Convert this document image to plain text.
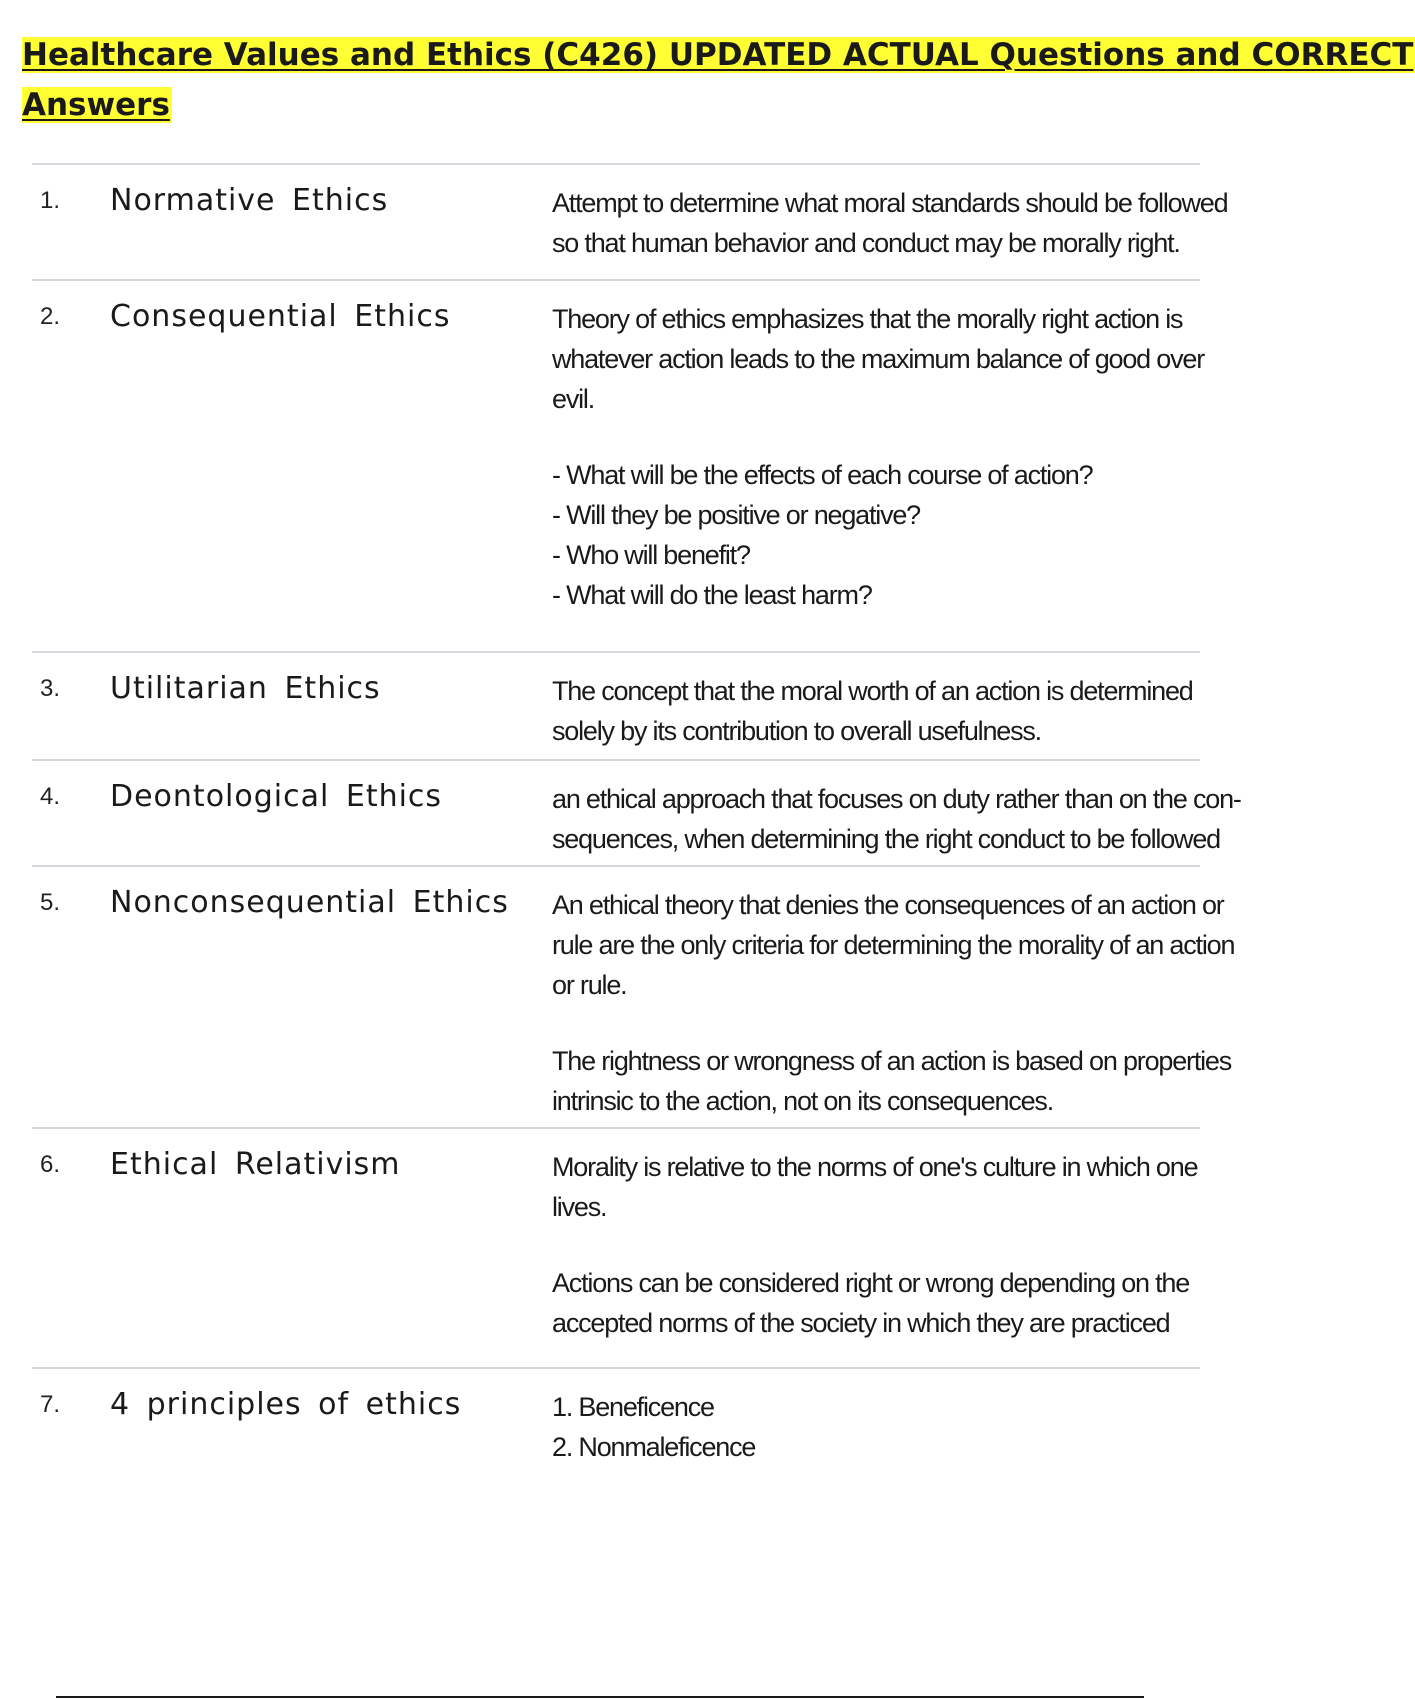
Healthcare Values and Ethics (C426) UPDATED ACTUAL Questions and CORRECT
Answers
1. Normative Ethics	Attempt to determine what moral standards should be followed

so that human behavior and conduct may be morally right.

2. Consequential Ethics	Theory of ethics emphasizes that the morally right action is

whatever action leads to the maximum balance of good over

evil.

- What will be the effects of each course of action?

- Will they be positive or negative?

- Who will benefit?

- What will do the least harm?

3. Utilitarian Ethics	The concept that the moral worth of an action is determined

solely by its contribution to overall usefulness.

4. Deontological Ethics	an ethical approach that focuses on duty rather than on the con-

sequences, when determining the right conduct to be followed

5. Nonconsequential Ethics An ethical theory that denies the consequences of an action or

rule are the only criteria for determining the morality of an action

or rule.

The rightness or wrongness of an action is based on properties

intrinsic to the action, not on its consequences.

6. Ethical Relativism	Morality is relative to the norms of one's culture in which one

lives.

Actions can be considered right or wrong depending on the

accepted norms of the society in which they are practiced

7. 4 principles of ethics	1. Beneficence

2. Nonmaleficence
